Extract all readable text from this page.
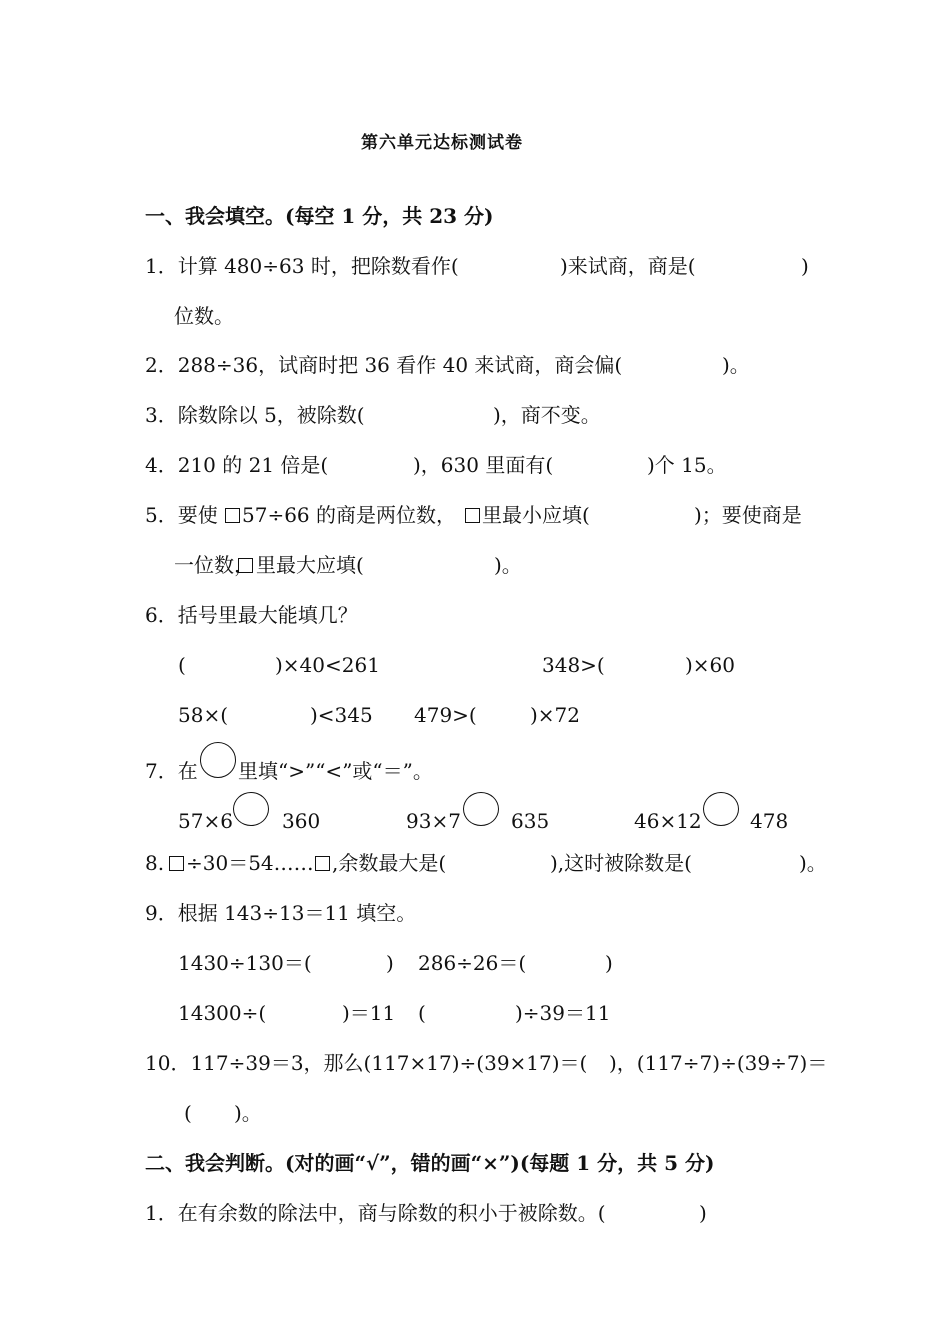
第六单元达标测试卷
一、我会填空。(每空 1 分，共 23 分)
1．计算 480÷63 时，把除数看作(	)来试商，商是(	)
位数。
2．288÷36，试商时把 36 看作 40 来试商，商会偏(	)。
3．除数除以 5，被除数(	)，商不变。
4．210 的 21 倍是(	)，630 里面有(	)个 15。
5．要使 57÷66 的商是两位数， 里最小应填(	)；要使商是
一位数， 里最大应填(	)。
6．括号里最大能填几？
(	)×40<261	348>(	)×60
58×(	)<345 479>(	)×72
7．在 里填“>”“<”或“＝”。
57×6 360	93×7	635	46×12 478
8. ÷30＝54…… ,余数最大是(	),这时被除数是(	)。
9．根据 143÷13＝11 填空。
1430÷130＝(	) 286÷26＝(	)
14300÷(	)＝11 (	)÷39＝11
10．117÷39＝3，那么(117×17)÷(39×17)＝( )，(117÷7)÷(39÷7)＝
( )。
二、我会判断。(对的画“√”，错的画“×”)(每题 1 分，共 5 分)
1．在有余数的除法中，商与除数的积小于被除数。(	)
